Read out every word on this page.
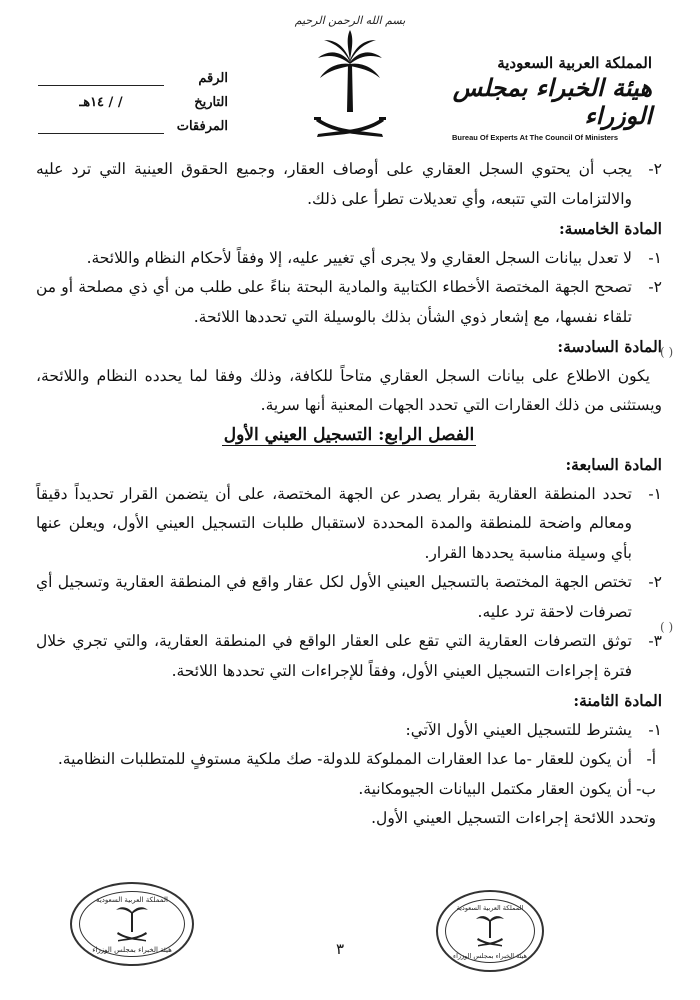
بسم الله الرحمن الرحيم
الرقم
التاريخ
/ / ١٤هـ
المرفقات
المملكة العربية السعودية
هيئة الخبراء بمجلس الوزراء
Bureau Of Experts At The Council Of Ministers
٢-
يجب أن يحتوي السجل العقاري على أوصاف العقار، وجميع الحقوق العينية التي ترد عليه والالتزامات التي تتبعه، وأي تعديلات تطرأ على ذلك.
المادة الخامسة:
١-
لا تعدل بيانات السجل العقاري ولا يجرى أي تغيير عليه، إلا وفقاً لأحكام النظام واللائحة.
٢-
تصحح الجهة المختصة الأخطاء الكتابية والمادية البحتة بناءً على طلب من أي ذي مصلحة أو من تلقاء نفسها، مع إشعار ذوي الشأن بذلك بالوسيلة التي تحددها اللائحة.
المادة السادسة:
يكون الاطلاع على بيانات السجل العقاري متاحاً للكافة، وذلك وفقا لما يحدده النظام واللائحة، ويستثنى من ذلك العقارات التي تحدد الجهات المعنية أنها سرية.
الفصل الرابع: التسجيل العيني الأول
المادة السابعة:
١-
تحدد المنطقة العقارية بقرار يصدر عن الجهة المختصة، على أن يتضمن القرار تحديداً دقيقاً ومعالم واضحة للمنطقة والمدة المحددة لاستقبال طلبات التسجيل العيني الأول، ويعلن عنها بأي وسيلة مناسبة يحددها القرار.
٢-
تختص الجهة المختصة بالتسجيل العيني الأول لكل عقار واقع في المنطقة العقارية وتسجيل أي تصرفات لاحقة ترد عليه.
٣-
توثق التصرفات العقارية التي تقع على العقار الواقع في المنطقة العقارية، والتي تجري خلال فترة إجراءات التسجيل العيني الأول، وفقاً للإجراءات التي تحددها اللائحة.
المادة الثامنة:
١-
يشترط للتسجيل العيني الأول الآتي:
أ-
أن يكون للعقار -ما عدا العقارات المملوكة للدولة- صك ملكية مستوفٍ للمتطلبات النظامية.
ب-
أن يكون العقار مكتمل البيانات الجيومكانية.
وتحدد اللائحة إجراءات التسجيل العيني الأول.
( )
( )
٣
المملكة العربية السعودية
هيئة الخبراء بمجلس الوزراء
المملكة العربية السعودية
هيئة الخبراء بمجلس الوزراء
